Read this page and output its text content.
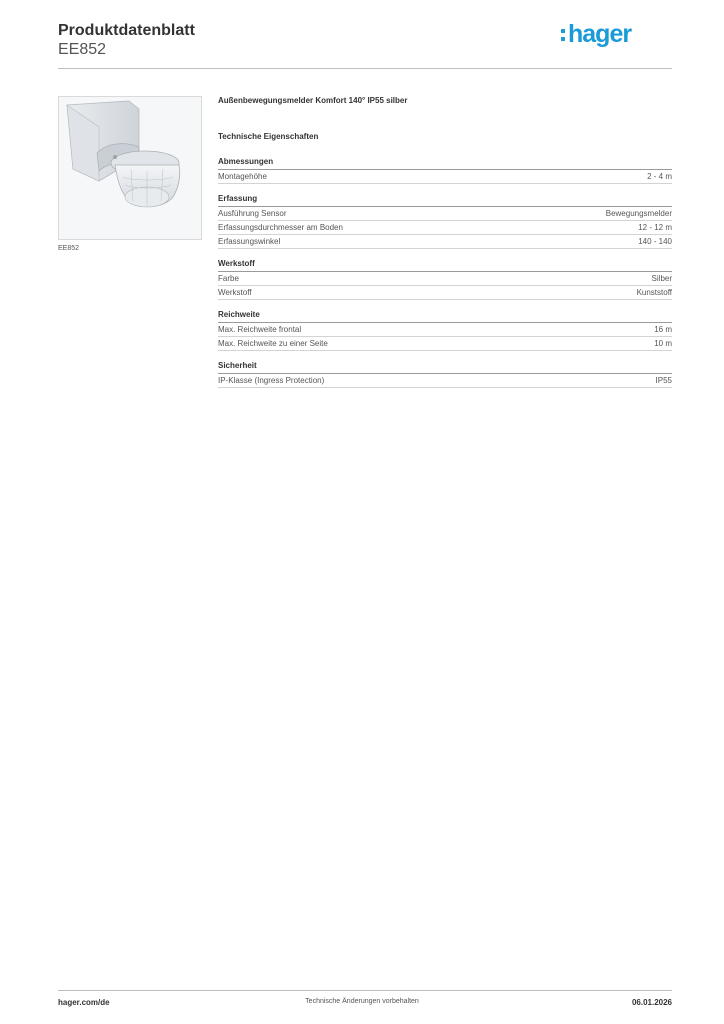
Produktdatenblatt
EE852
hager
EE852
Außenbewegungsmelder Komfort 140° IP55 silber
Technische Eigenschaften
Abmessungen
Montagehöhe	2 - 4 m
Erfassung
Ausführung Sensor	Bewegungsmelder
Erfassungsdurchmesser am Boden	12 - 12 m
Erfassungswinkel	140 - 140
Werkstoff
Farbe	Silber
Werkstoff	Kunststoff
Reichweite
Max. Reichweite frontal	16 m
Max. Reichweite zu einer Seite	10 m
Sicherheit
IP-Klasse (Ingress Protection)	IP55
hager.com/de	Technische Änderungen vorbehalten	06.01.2026
